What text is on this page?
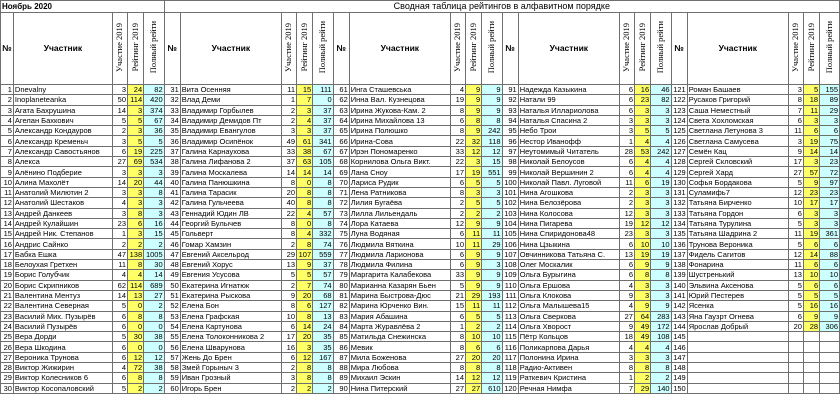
Ноябрь 2020					Сводная таблица рейтингов в алфавитном порядке																			
№	Участник	Участие 2019	Рейтинг 2019	Полный рейти	№	Участник	Участие 2019	Рейтинг 2019	Полный рейти	№	Участник	Участие 2019	Рейтинг 2019	Полный рейти	№	Участник	Участие 2019	Рейтинг 2019	Полный рейти	№	Участник	Участие 2019	Рейтинг 2019	Полный рейти
1	Dnevalny	3	24	82	31	Вита Осенняя	11	15	111	61	Инга Сташевська	4	9	9	91	Надежда Казыкина	6	16	46	121	Роман Башаев	3	5	155
2	Inoplaneteanka	50	114	420	32	Влад Деми	1	7	0	62	Инна Вал. Кузнецова	19	9	9	92	Натали 99	6	23	82	122	Русаков Григорий	8	18	89
3	Агата Бахрушина	14	3	374	33	Владимир Горбылев	2	3	37	63	Ирина Жукова-Кам. 2	8	9	9	93	Наталья Иллариолова	6	3	3	123	Саша Неместный	7	11	29
4	Агелан Бахкович	5	5	67	34	Владимир Демидов Пт	2	4	37	64	Ирина Михайлова 13	6	8	8	94	Наталья Спасина 2	3	3	3	124	Света Хохломская	6	3	3
5	Александр Кондауров	2	3	36	35	Владимир Евангулов	3	3	37	65	Ирина Полюшко	8	9	242	95	Небо Трои	3	5	5	125	Светлана Летунова 3	11	6	6
6	Александр Кременьч	3	5	5	36	Владимир Осипёнок	49	61	341	66	Ирина-Сова	22	32	118	96	Нестор Иванофф	1	4	4	126	Светлана Самусева	3	19	75
7	Александр Савостьянов	6	19	225	37	Галина Карнаухова	33	38	67	67	Ирэн Пономаренко	33	12	12	97	Неутомимый Читатель	28	53	242	127	Семён Кац	9	14	14
8	Алекса	27	69	534	38	Галина Лифанова 2	37	63	105	68	Корнилова Ольга Викт.	22	3	15	98	Николай Белоусов	6	4	4	128	Сергей Скловский	17	3	23
9	Алёнино Подберие	3	3	3	39	Галина Москалева	14	14	14	69	Лана Сноу	17	19	551	99	Николай Вершинин 2	6	4	4	129	Сергей Хард	27	57	72
10	Алина Махолёт	14	20	44	40	Галина Панюшкина	8	0	8	70	Лариса Рудик	6	5	5	100	Николай Павл. Луговой	11	6	19	130	Софья Бордакова	5	9	97
11	Анатолий Милютин 2	3	3	8	41	Галина Тарасик	20	8	8	71	Лена Ратникова	8	3	3	101	Нина Агошкова	2	3	3	131	Суламифь7	12	23	23
12	Анатолий Шестаков	4	3	3	42	Галина Гульчеева	40	8	8	72	Лилия Бугаёва	2	5	5	102	Нина Белозёрова	2	3	3	132	Татьяна Бирченко	10	17	17
13	Андрей Данкеев	3	8	3	43	Геннадий Юдин ЛВ	22	4	57	73	Лилла Лильендаль	2	2	2	103	Нина Колосова	12	3	3	133	Татьяна Гордон	6	3	3
14	Андрей Кулайшин	23	6	16	44	Георгий Булычев	8	0	8	74	Лора Катаева	12	9	9	104	Нина Пигарева	19	12	12	134	Татьяна Турулина	5	3	3
15	Андрей Ник. Степанов	1	3	15	45	Гольверт	8	4	332	75	Луна Водяная	6	11	11	105	Нина Спиридонова48	23	3	3	135	Татьяна Шадрина 2	11	19	361
16	Андрис Сайнко	2	2	2	46	Гомар Хамзин	2	8	74	76	Людмила Вяткина	10	11	29	106	Нина Цзыкина	6	10	10	136	Трунова Вероника	5	6	6
17	Бабка Ешка	47	138	1005	47	Евгений Аксельрод	29	107	559	77	Людмила Ларионова	6	9	9	107	Овчинникова Татьяна С.	13	19	19	137	Фидель Сагитов	12	14	88
18	Белоухая Гретхен	11	8	30	48	Евгений Хорус	13	9	37	78	Людмила Филина	6	9	3	108	Олег Москалик	6	9	9	138	Фонарина	11	6	6
19	Борис Голубчик	4	4	14	49	Евгения Усусова	5	5	57	79	Маргарита Калабекова	33	9	9	109	Ольга Бурыгина	6	8	8	139	Шустренький	13	10	10
20	Борис Скрипников	62	114	689	50	Екатерина Игнатюк	2	7	74	80	Марианна Казарян Бьен	5	9	9	110	Ольга Ершова	4	3	3	140	Эльвина Аксенова	5	6	6
21	Валентина Ментуз	14	13	27	51	Екатерина Рыскова	9	20	68	81	Марина Быстрова-Дюс	21	29	193	111	Ольга Клокова	9	3	3	141	Юрий Пестерев	5	5	5
22	Валентина Северная	5	0	2	52	Елена Бон	8	6	127	82	Марина Юрченко Вин.	15	11	11	112	Ольга Малышева15	4	9	9	142	Ясенка	5	16	16
23	Василий Мих. Пузырёв	6	8	8	53	Елена Графская	10	8	13	83	Мария Абашина	6	5	5	113	Ольга Сверкова	27	64	283	143	Яна Гаузрт Огнева	6	9	9
24	Василий Пузырёв	6	0	0	54	Елена Картунова	6	14	24	84	Марта Журавлёва 2	1	2	2	114	Ольга Хворост	9	49	172	144	Ярослав Добрый	20	28	306
25	Вера Дорди	5	30	38	55	Елена Толоконникова 2	17	20	35	85	Матильда Снежинска	8	10	10	115	Пётр Кольцов	18	49	108	145				
26	Вера Шкодина	6	0	0	56	Елена Шварунова	16	3	35	86	Мевик	8	6	6	116	Поликарпова Дарья	4	4	4	146				
27	Вероника Трунова	6	12	12	57	Жень До Брен	6	12	167	87	Мила Боженова	27	20	20	117	Полонина Ирина	3	3	3	147				
28	Виктор Жижирин	4	72	38	58	Змей Горыныч 3	2	8	8	88	Мира Любова	8	8	8	118	Радио-Активен	8	8	8	148				
29	Виктор Колесников 6	6	8	8	59	Иван Грозный	3	8	8	89	Михаил Эскин	14	12	12	119	Раткевич Кристина	1	2	2	149				
30	Виктор Косопаловский	5	2	2	60	Игорь Брен	2	2	2	90	Нина Питерский	27	27	610	120	Речная Нимфа	7	29	140	150				
